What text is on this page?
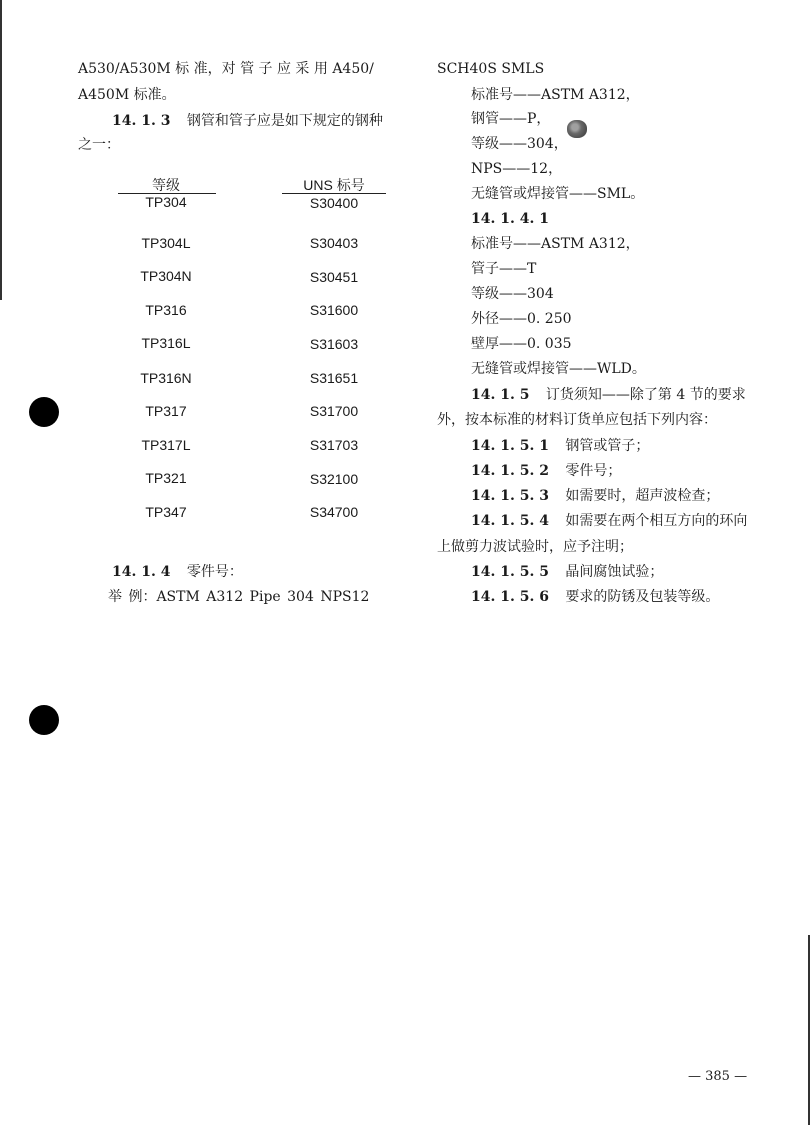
A530/A530M 标 准，对 管 子 应 采 用 A450/
A450M 标准。
14. 1. 3 钢管和管子应是如下规定的钢种
之一：
等级	UNS 标号
TP304	S30400
TP304L	S30403
TP304N	S30451
TP316	S31600
TP316L	S31603
TP316N	S31651
TP317	S31700
TP317L	S31703
TP321	S32100
TP347	S34700
14. 1. 4 零件号：
举 例：ASTM A312 Pipe 304 NPS12
SCH40S SMLS
标准号——ASTM A312，
钢管——P，
等级——304，
NPS——12，
无缝管或焊接管——SML。
14. 1. 4. 1
标准号——ASTM A312，
管子——T
等级——304
外径——0. 250
壁厚——0. 035
无缝管或焊接管——WLD。
14. 1. 5 订货须知——除了第 4 节的要求
外，按本标准的材料订货单应包括下列内容：
14. 1. 5. 1 钢管或管子；
14. 1. 5. 2 零件号；
14. 1. 5. 3 如需要时，超声波检查；
14. 1. 5. 4 如需要在两个相互方向的环向
上做剪力波试验时，应予注明；
14. 1. 5. 5 晶间腐蚀试验；
14. 1. 5. 6 要求的防锈及包装等级。
— 385 —
